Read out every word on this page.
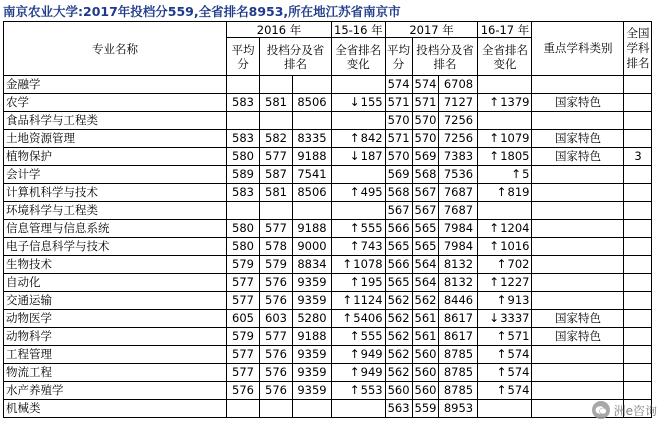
南京农业大学:2017年投档分559,全省排名8953,所在地江苏省南京市
专业名称	2016 年			15-16 年	2017 年			16-17 年	重点学科类别	全国学科排名
	平均分	投档分及省排名		全省排名变化	平均分	投档分及省排名		全省排名变化		
金融学					574	574	6708			
农学	583	581	8506	↓155	571	571	7127	↑1379	国家特色	
食品科学与工程类					570	570	7256			
土地资源管理	583	582	8335	↑842	571	570	7256	↑1079	国家特色	
植物保护	580	577	9188	↓187	570	569	7383	↑1805	国家特色	3
会计学	589	587	7541		569	568	7536	↑5		
计算机科学与技术	583	581	8506	↑495	568	567	7687	↑819		
环境科学与工程类					567	567	7687			
信息管理与信息系统	580	577	9188	↑555	566	565	7984	↑1204		
电子信息科学与技术	580	578	9000	↑743	565	565	7984	↑1016		
生物技术	579	579	8834	↑1078	566	564	8132	↑702		
自动化	577	576	9359	↑195	565	564	8132	↑1227		
交通运输	577	576	9359	↑1124	562	562	8446	↑913		
动物医学	605	603	5280	↑5406	562	561	8617	↓3337	国家特色	
动物科学	579	577	9188	↑555	562	561	8617	↑571	国家特色	
工程管理	577	576	9359	↑949	562	560	8785	↑574		
物流工程	577	576	9359	↑949	562	560	8785	↑574		
水产养殖学	576	576	9359	↑553	560	560	8785	↑574		
机械类					563	559	8953				洲e咨询
